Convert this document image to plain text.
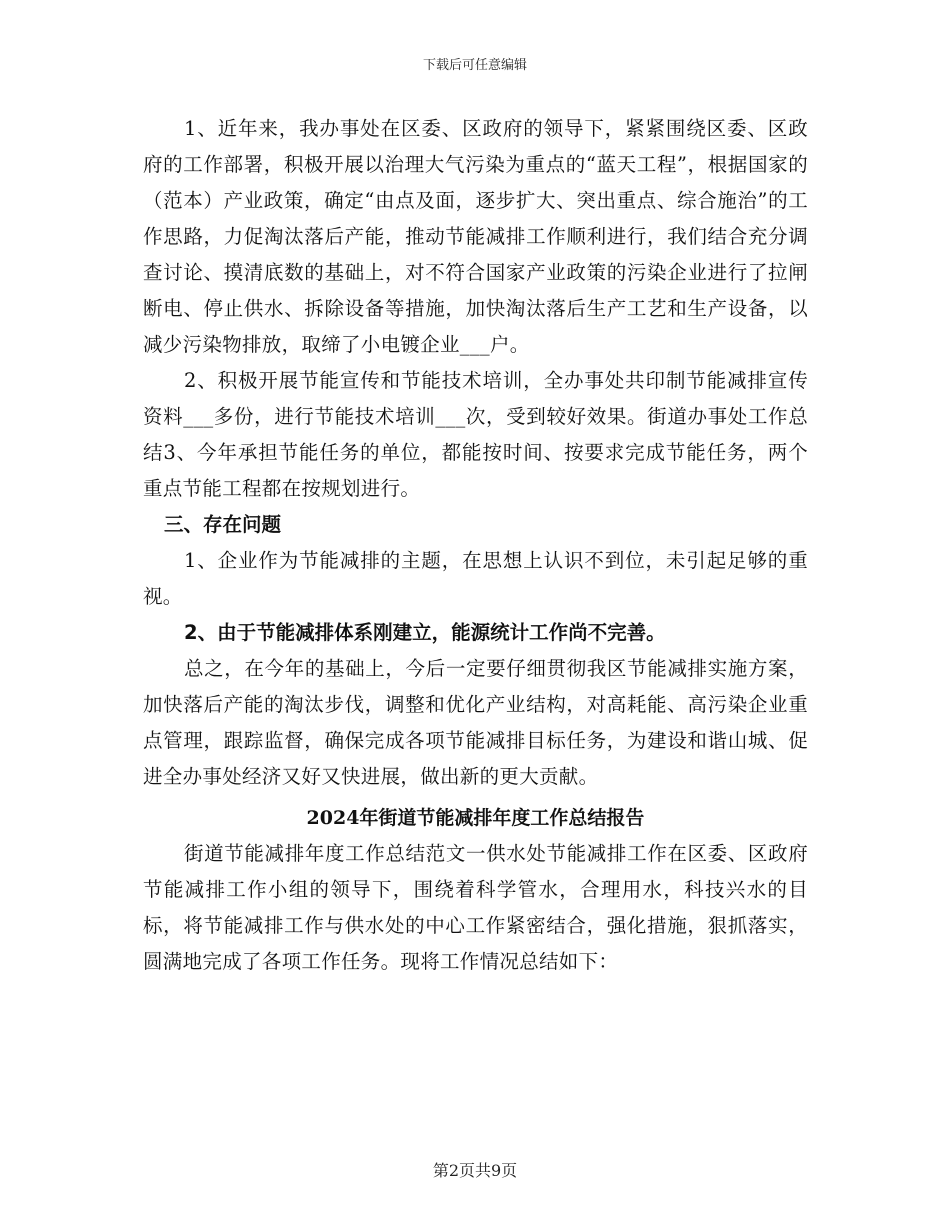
下载后可任意编辑

1、近年来，我办事处在区委、区政府的领导下，紧紧围绕区委、区政府的工作部署，积极开展以治理大气污染为重点的“蓝天工程”，根据国家的（范本）产业政策，确定“由点及面，逐步扩大、突出重点、综合施治”的工作思路，力促淘汰落后产能，推动节能减排工作顺利进行，我们结合充分调查讨论、摸清底数的基础上，对不符合国家产业政策的污染企业进行了拉闸断电、停止供水、拆除设备等措施，加快淘汰落后生产工艺和生产设备，以减少污染物排放，取缔了小电镀企业___户。

2、积极开展节能宣传和节能技术培训，全办事处共印制节能减排宣传资料___多份，进行节能技术培训___次，受到较好效果。街道办事处工作总结3、今年承担节能任务的单位，都能按时间、按要求完成节能任务，两个重点节能工程都在按规划进行。

三、存在问题

1、企业作为节能减排的主题，在思想上认识不到位，未引起足够的重视。

2、由于节能减排体系刚建立，能源统计工作尚不完善。

总之，在今年的基础上，今后一定要仔细贯彻我区节能减排实施方案，加快落后产能的淘汰步伐，调整和优化产业结构，对高耗能、高污染企业重点管理，跟踪监督，确保完成各项节能减排目标任务，为建设和谐山城、促进全办事处经济又好又快进展，做出新的更大贡献。

2024年街道节能减排年度工作总结报告

街道节能减排年度工作总结范文一供水处节能减排工作在区委、区政府节能减排工作小组的领导下，围绕着科学管水，合理用水，科技兴水的目标，将节能减排工作与供水处的中心工作紧密结合，强化措施，狠抓落实，圆满地完成了各项工作任务。现将工作情况总结如下：

第2页共9页
